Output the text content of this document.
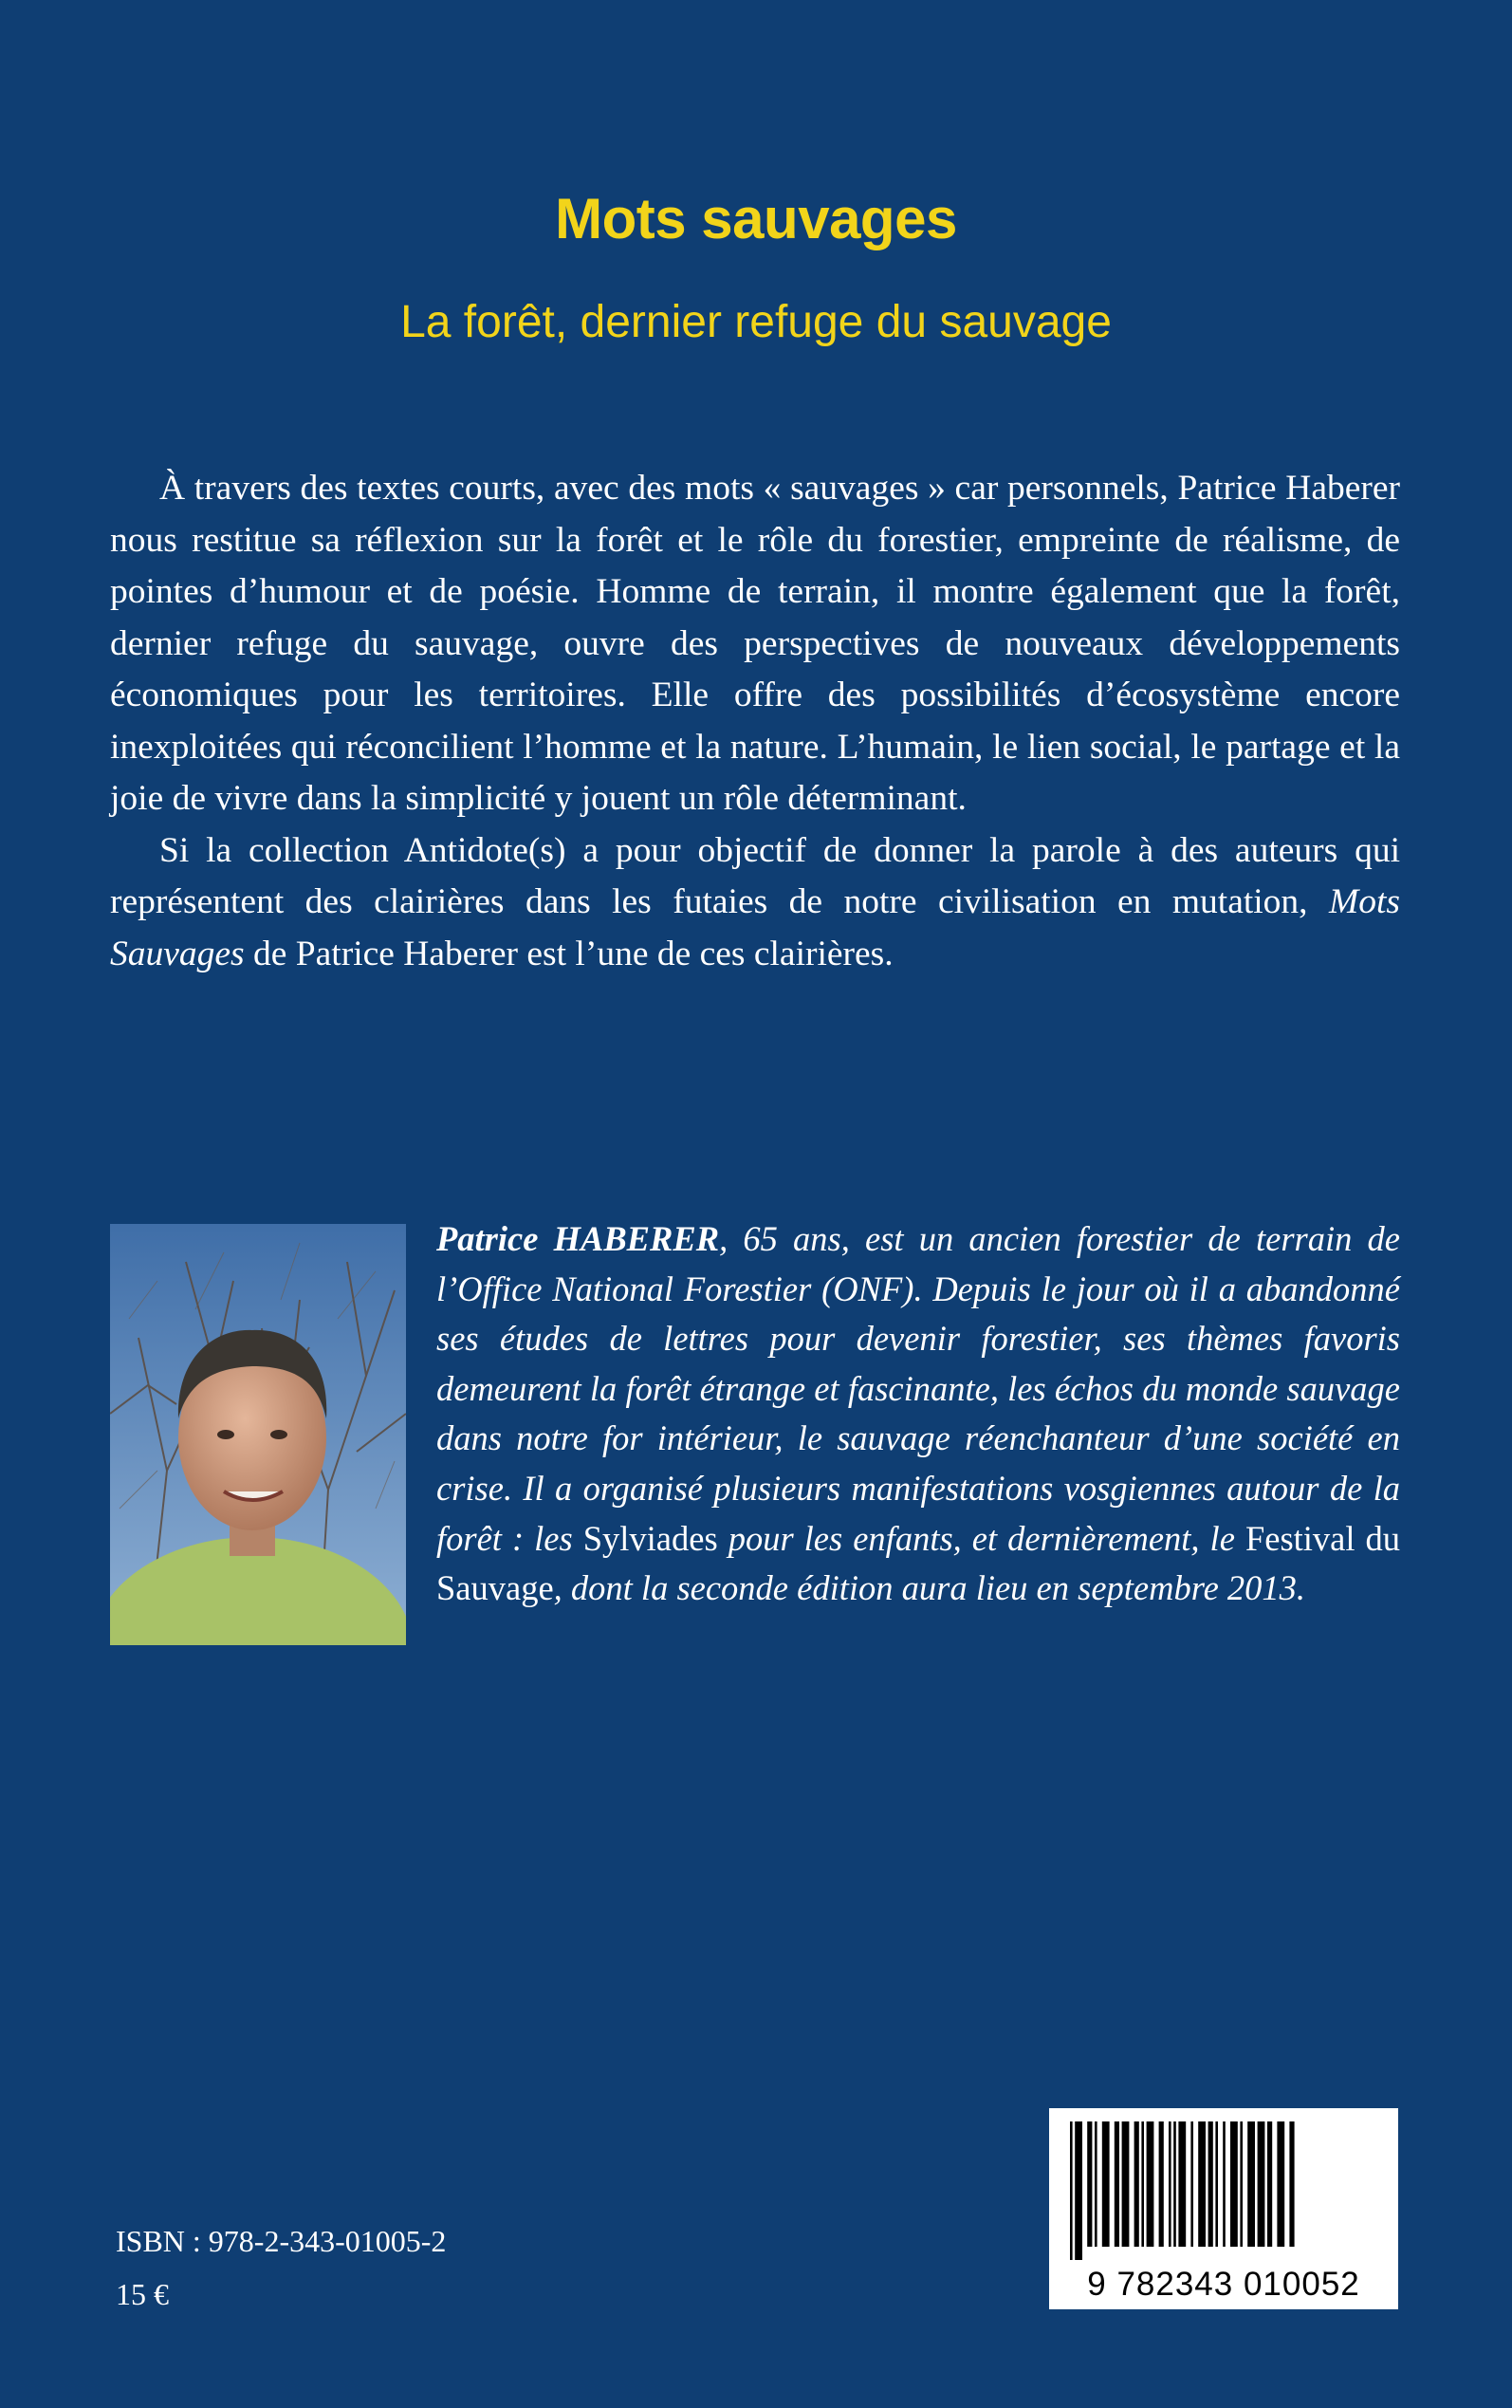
Mots sauvages
La forêt, dernier refuge du sauvage

À travers des textes courts, avec des mots « sauvages » car personnels, Patrice Haberer nous restitue sa réflexion sur la forêt et le rôle du forestier, empreinte de réalisme, de pointes d’humour et de poésie. Homme de terrain, il montre également que la forêt, dernier refuge du sauvage, ouvre des perspectives de nouveaux développements économiques pour les territoires. Elle offre des possibilités d’écosystème encore inexploitées qui réconcilient l’homme et la nature. L’humain, le lien social, le partage et la joie de vivre dans la simplicité y jouent un rôle déterminant.

Si la collection Antidote(s) a pour objectif de donner la parole à des auteurs qui représentent des clairières dans les futaies de notre civilisation en mutation, Mots Sauvages de Patrice Haberer est l’une de ces clairières.

Patrice HABERER, 65 ans, est un ancien forestier de terrain de l’Office National Forestier (ONF). Depuis le jour où il a abandonné ses études de lettres pour devenir forestier, ses thèmes favoris demeurent la forêt étrange et fascinante, les échos du monde sauvage dans notre for intérieur, le sauvage réenchanteur d’une société en crise. Il a organisé plusieurs manifestations vosgiennes autour de la forêt : les Sylviades pour les enfants, et dernièrement, le Festival du Sauvage, dont la seconde édition aura lieu en septembre 2013.
ISBN : 978-2-343-01005-2
15 €	9 782343 010052
